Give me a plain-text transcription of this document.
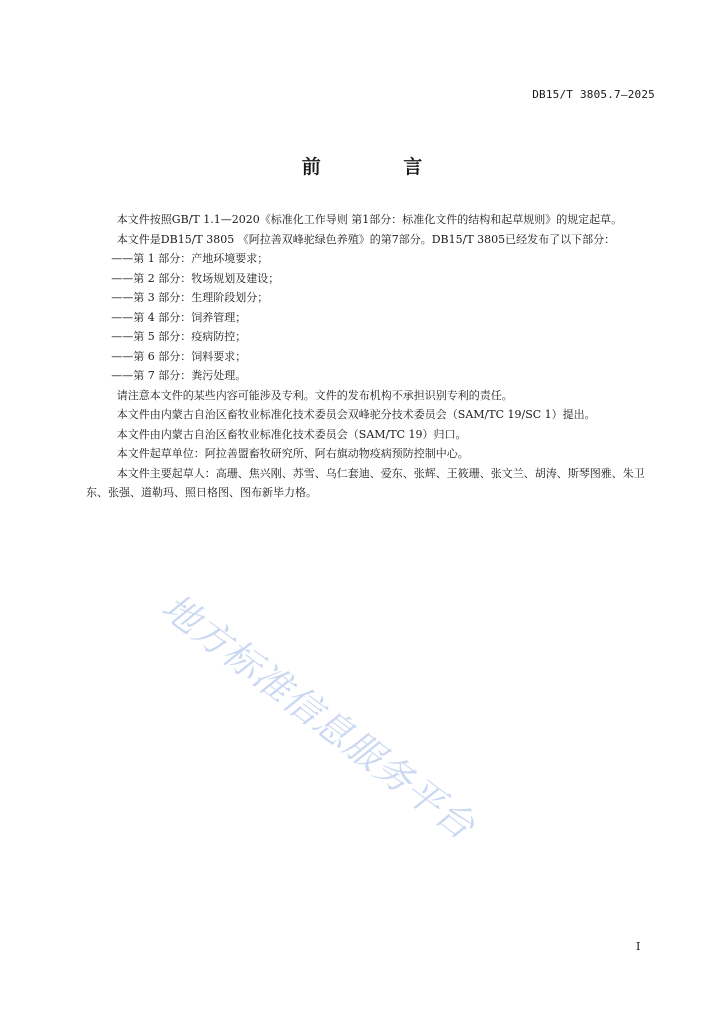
DB15/T 3805.7—2025
前 言

本文件按照GB/T 1.1—2020《标准化工作导则 第1部分：标准化文件的结构和起草规则》的规定起草。

本文件是DB15/T 3805 《阿拉善双峰驼绿色养殖》的第7部分。DB15/T 3805已经发布了以下部分：

——第 1 部分：产地环境要求；

——第 2 部分：牧场规划及建设；

——第 3 部分：生理阶段划分；

——第 4 部分：饲养管理；

——第 5 部分：疫病防控；

——第 6 部分：饲料要求；

——第 7 部分：粪污处理。

请注意本文件的某些内容可能涉及专利。文件的发布机构不承担识别专利的责任。

本文件由内蒙古自治区畜牧业标准化技术委员会双峰驼分技术委员会（SAM/TC 19/SC 1）提出。

本文件由内蒙古自治区畜牧业标准化技术委员会（SAM/TC 19）归口。

本文件起草单位：阿拉善盟畜牧研究所、阿右旗动物疫病预防控制中心。

本文件主要起草人：高珊、焦兴刚、苏雪、乌仁套迪、爱东、张辉、王筱珊、张文兰、胡涛、斯琴图雅、朱卫东、张强、道勒玛、照日格图、图布新毕力格。

地方标准信息服务平台
I
